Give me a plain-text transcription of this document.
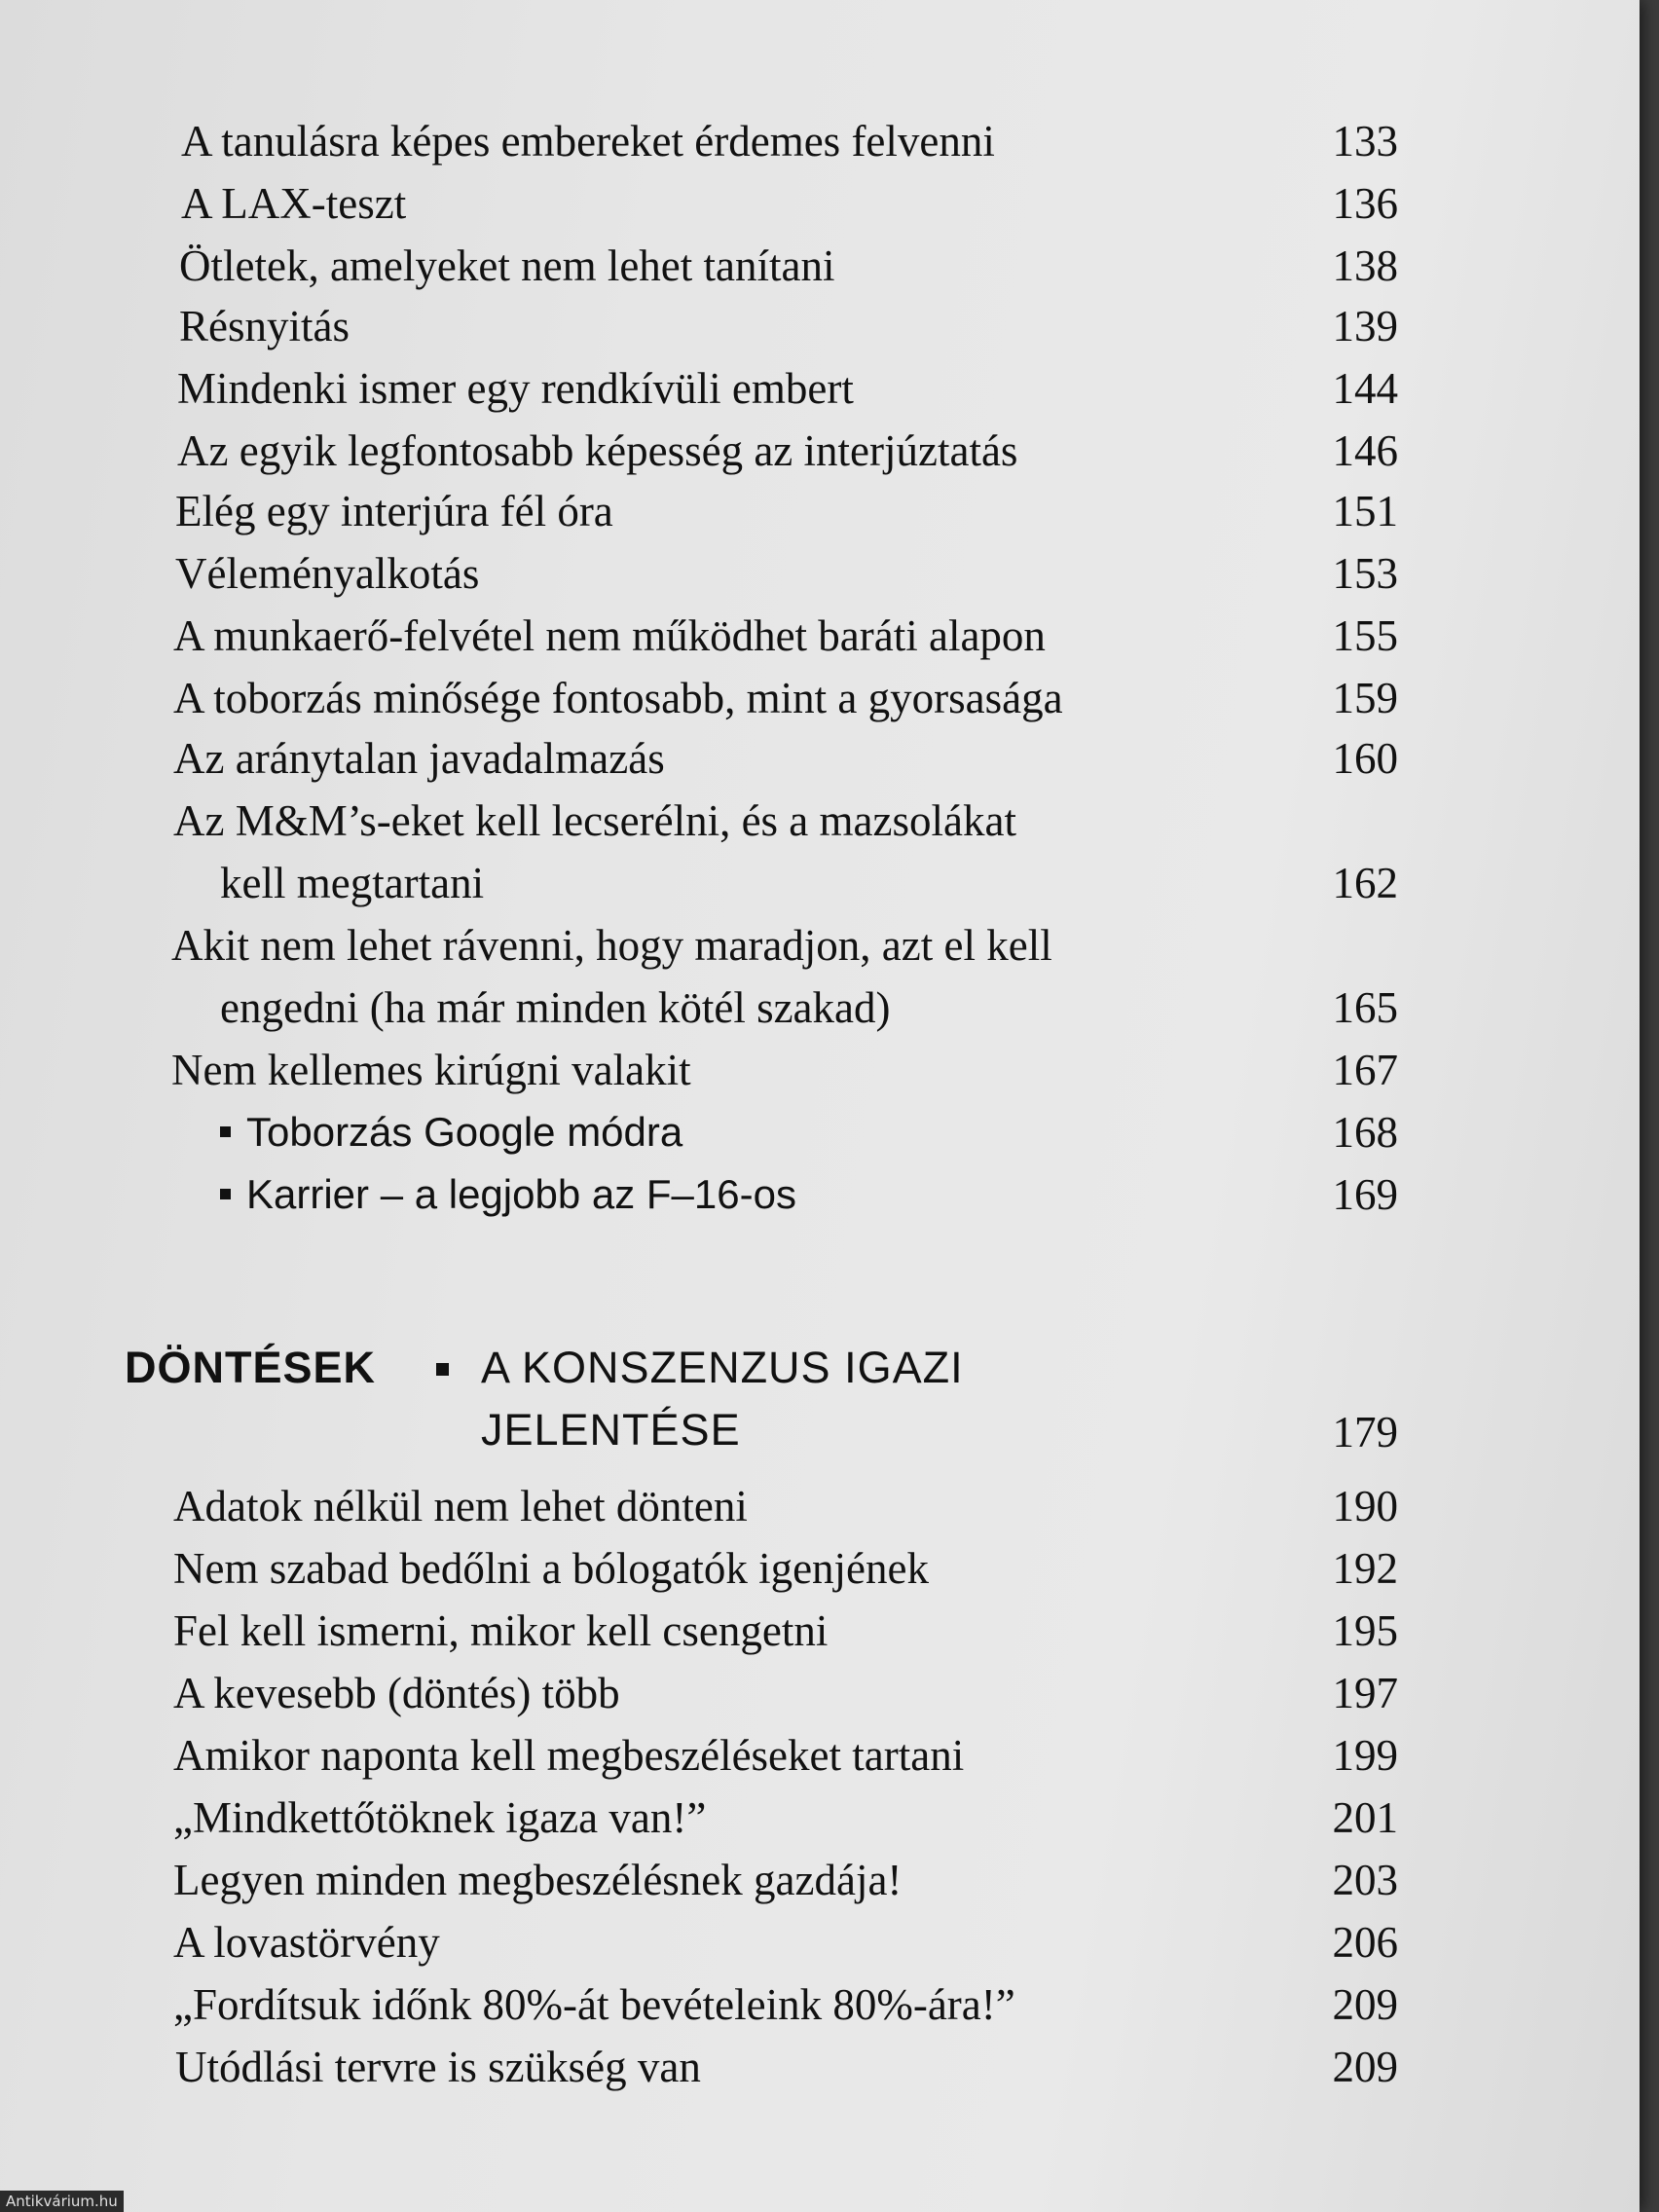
A tanulásra képes embereket érdemes felvenni	133
A LAX-teszt	136
Ötletek, amelyeket nem lehet tanítani	138
Résnyitás	139
Mindenki ismer egy rendkívüli embert	144
Az egyik legfontosabb képesség az interjúztatás	146
Elég egy interjúra fél óra	151
Véleményalkotás	153
A munkaerő-felvétel nem működhet baráti alapon	155
A toborzás minősége fontosabb, mint a gyorsasága	159
Az aránytalan javadalmazás	160
Az M&M’s-eket kell lecserélni, és a mazsolákat
kell megtartani	162
Akit nem lehet rávenni, hogy maradjon, azt el kell
engedni (ha már minden kötél szakad)	165
Nem kellemes kirúgni valakit	167
Toborzás Google módra	168
Karrier – a legjobb az F–16-os	169
DÖNTÉSEK A KONSZENZUS IGAZI
JELENTÉSE	179
Adatok nélkül nem lehet dönteni	190
Nem szabad bedőlni a bólogatók igenjének	192
Fel kell ismerni, mikor kell csengetni	195
A kevesebb (döntés) több	197
Amikor naponta kell megbeszéléseket tartani	199
„Mindkettőtöknek igaza van!”	201
Legyen minden megbeszélésnek gazdája!	203
A lovastörvény	206
„Fordítsuk időnk 80%-át bevételeink 80%-ára!”	209
Utódlási tervre is szükség van	209
Antikvárium.hu
